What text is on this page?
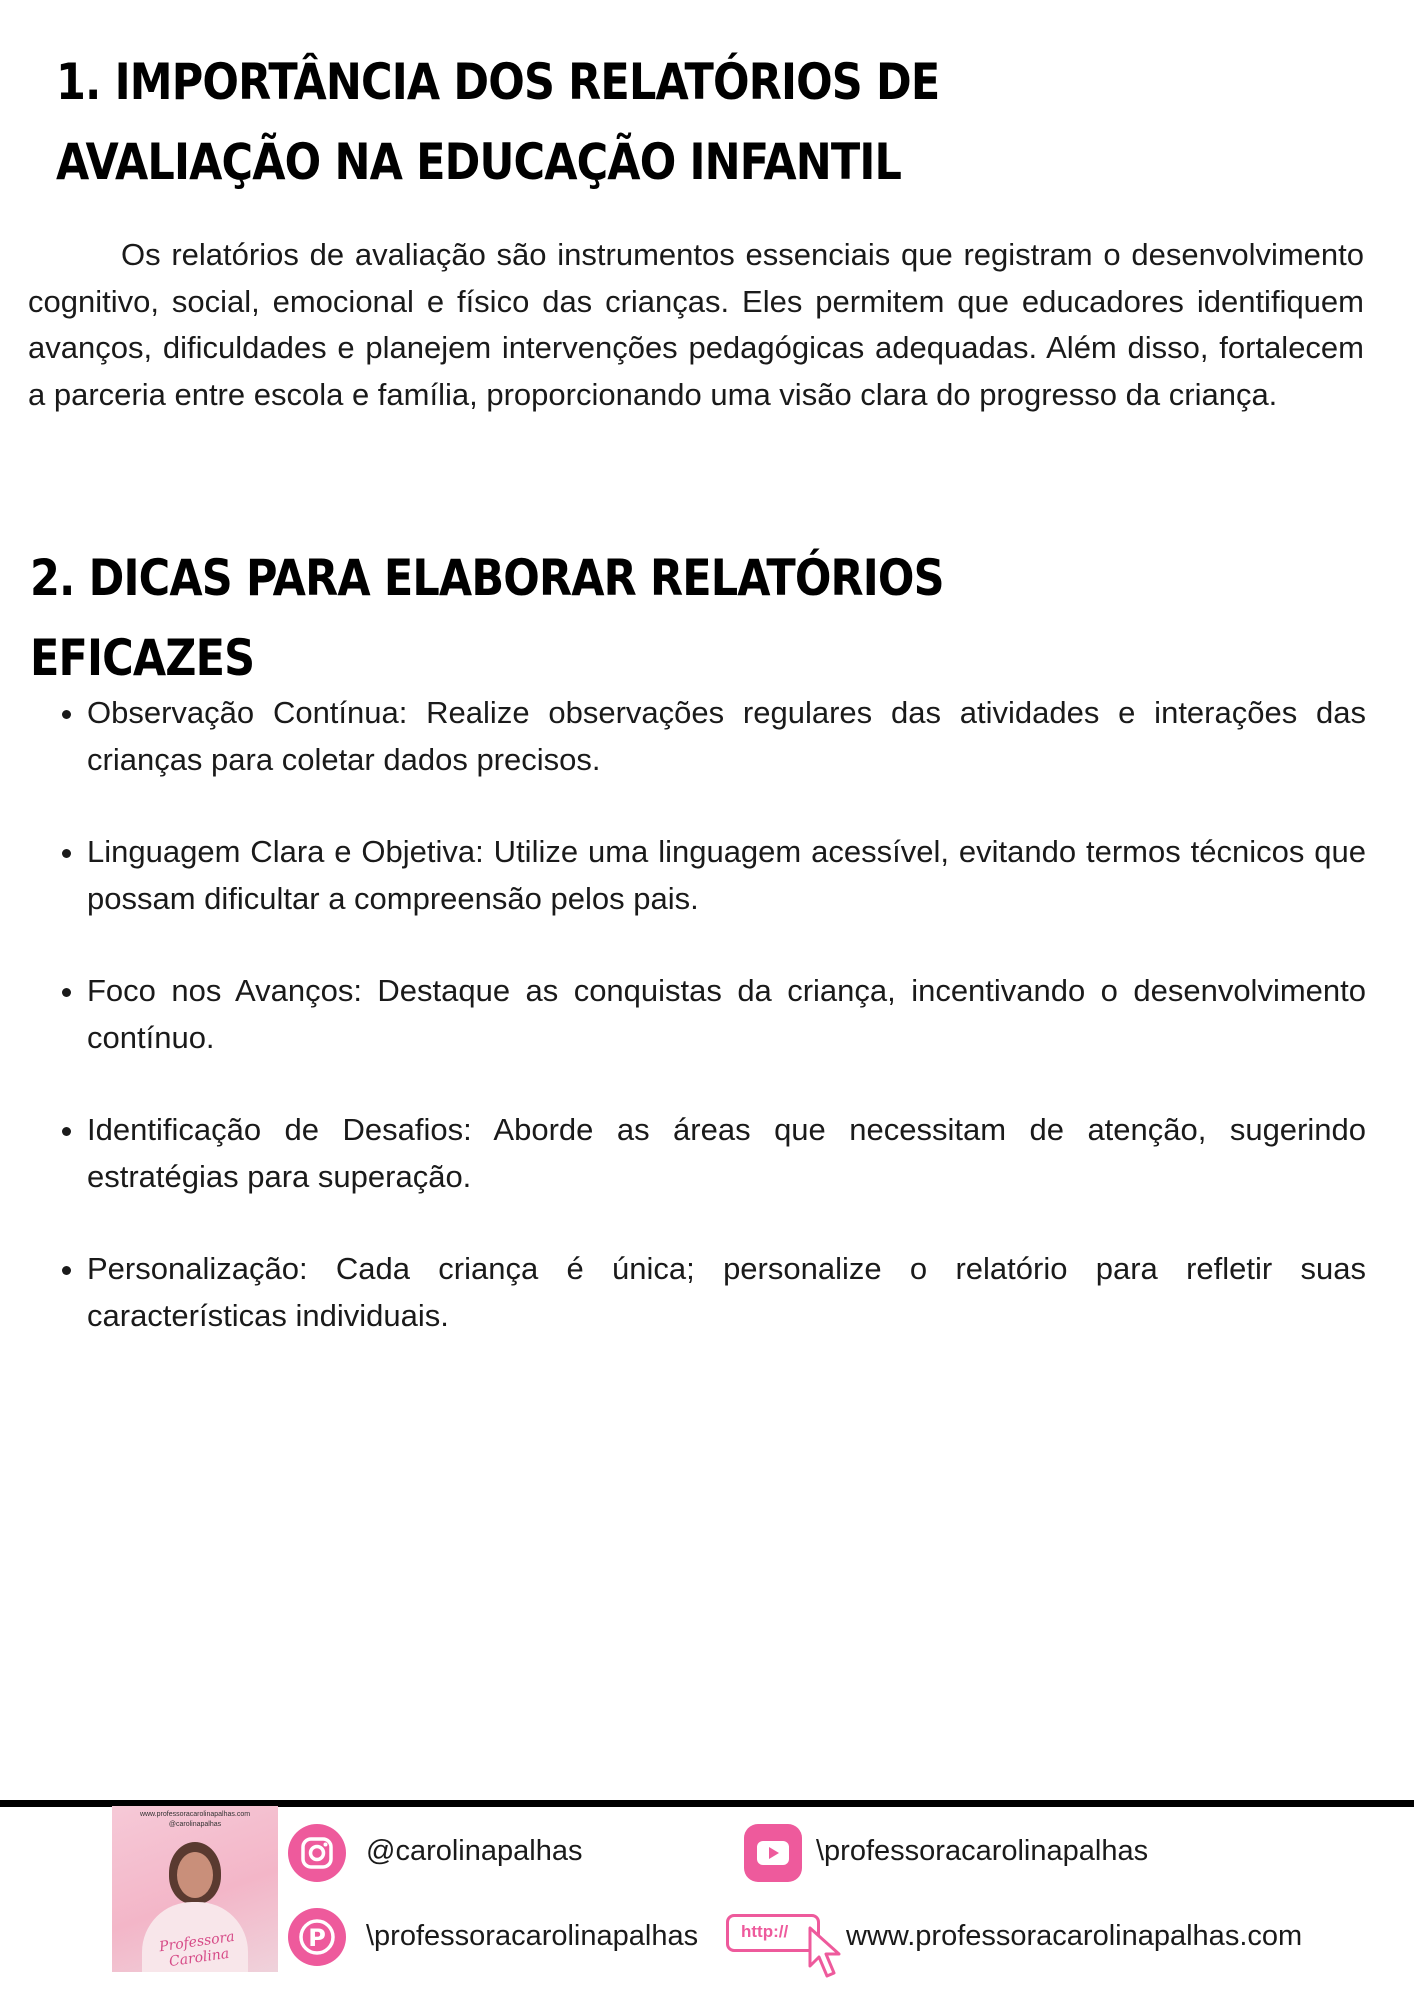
1. IMPORTÂNCIA DOS RELATÓRIOS DE AVALIAÇÃO NA EDUCAÇÃO INFANTIL

Os relatórios de avaliação são instrumentos essenciais que registram o desenvolvimento cognitivo, social, emocional e físico das crianças. Eles permitem que educadores identifiquem avanços, dificuldades e planejem intervenções pedagógicas adequadas. Além disso, fortalecem a parceria entre escola e família, proporcionando uma visão clara do progresso da criança.

2. DICAS PARA ELABORAR RELATÓRIOS EFICAZES
• Observação Contínua: Realize observações regulares das atividades e interações das crianças para coletar dados precisos.
• Linguagem Clara e Objetiva: Utilize uma linguagem acessível, evitando termos técnicos que possam dificultar a compreensão pelos pais.
• Foco nos Avanços: Destaque as conquistas da criança, incentivando o desenvolvimento contínuo.
• Identificação de Desafios: Aborde as áreas que necessitam de atenção, sugerindo estratégias para superação.
• Personalização: Cada criança é única; personalize o relatório para refletir suas características individuais.
www.professoracarolinapalhas.com
@carolinapalhas
Professora Carolina
@carolinapalhas	\professoracarolinapalhas
P \professoracarolinapalhas	http://	www.professoracarolinapalhas.com
